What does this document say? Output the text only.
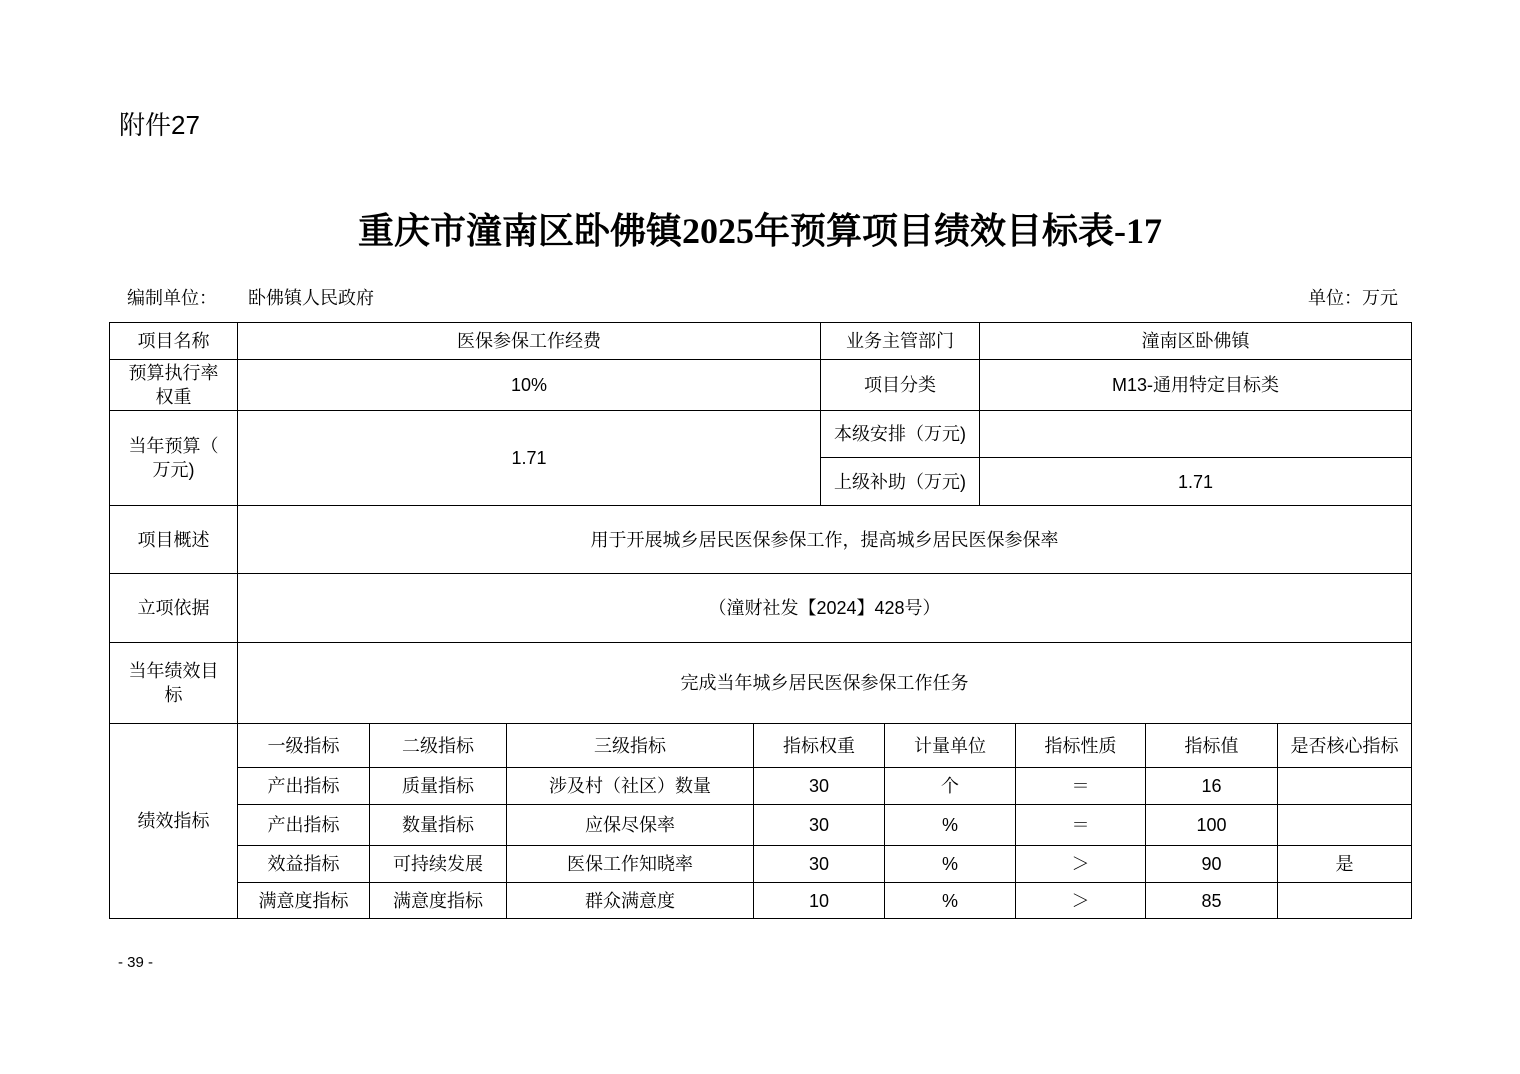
附件27
重庆市潼南区卧佛镇2025年预算项目绩效目标表-17
编制单位： 卧佛镇人民政府	单位：万元
项目名称	医保参保工作经费				业务主管部门		潼南区卧佛镇			
预算执行率
权重	10%				项目分类		M13-通用特定目标类			
当年预算（
万元)	1.71				本级安排（万元)					
					上级补助（万元)		1.71			
项目概述	用于开展城乡居民医保参保工作，提高城乡居民医保参保率									
立项依据	（潼财社发【2024】428号）									
当年绩效目
标	完成当年城乡居民医保参保工作任务									
绩效指标	一级指标	二级指标	三级指标	指标权重		计量单位		指标性质	指标值	是否核心指标
	产出指标	质量指标	涉及村（社区）数量	30		个		＝	16	
	产出指标	数量指标	应保尽保率	30		%		＝	100	
	效益指标	可持续发展	医保工作知晓率	30		%		＞	90	是
	满意度指标	满意度指标	群众满意度	10		%		＞	85	
- 39 -
